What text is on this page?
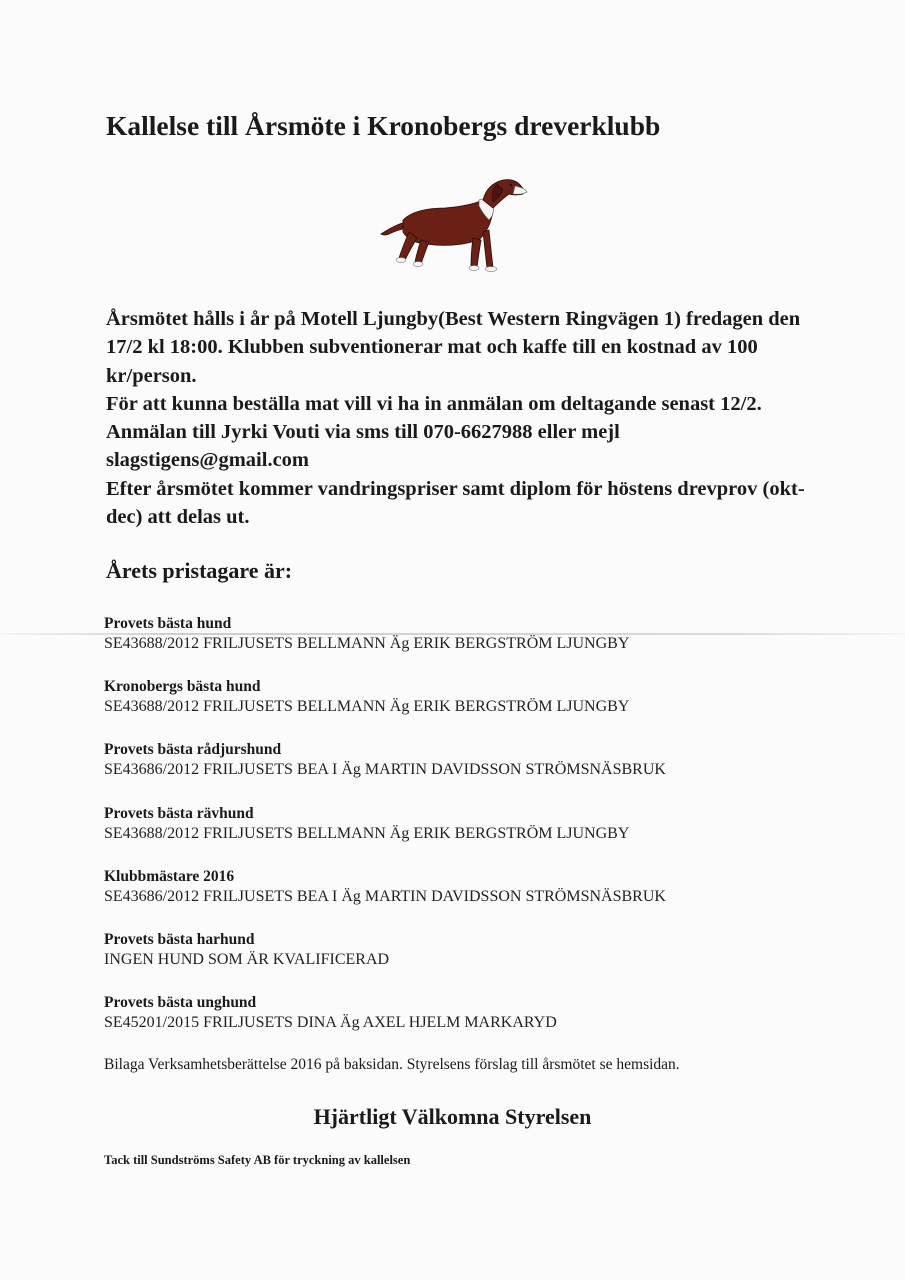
Kallelse till Årsmöte i Kronobergs dreverklubb

Årsmötet hålls i år på Motell Ljungby(Best Western Ringvägen 1) fredagen den 17/2 kl 18:00. Klubben subventionerar mat och kaffe till en kostnad av 100 kr/person.

För att kunna beställa mat vill vi ha in anmälan om deltagande senast 12/2. Anmälan till Jyrki Vouti via sms till 070-6627988 eller mejl slagstigens@gmail.com

Efter årsmötet kommer vandringspriser samt diplom för höstens drevprov (okt-dec) att delas ut.

Årets pristagare är:
Provets bästa hund
SE43688/2012 FRILJUSETS BELLMANN Äg ERIK BERGSTRÖM LJUNGBY
Kronobergs bästa hund
SE43688/2012 FRILJUSETS BELLMANN Äg ERIK BERGSTRÖM LJUNGBY
Provets bästa rådjurshund
SE43686/2012 FRILJUSETS BEA I Äg MARTIN DAVIDSSON STRÖMSNÄSBRUK
Provets bästa rävhund
SE43688/2012 FRILJUSETS BELLMANN Äg ERIK BERGSTRÖM LJUNGBY
Klubbmästare 2016
SE43686/2012 FRILJUSETS BEA I Äg MARTIN DAVIDSSON STRÖMSNÄSBRUK
Provets bästa harhund
INGEN HUND SOM ÄR KVALIFICERAD
Provets bästa unghund
SE45201/2015 FRILJUSETS DINA Äg AXEL HJELM MARKARYD

Bilaga Verksamhetsberättelse 2016 på baksidan. Styrelsens förslag till årsmötet se hemsidan.

Hjärtligt Välkomna Styrelsen

Tack till Sundströms Safety AB för tryckning av kallelsen
